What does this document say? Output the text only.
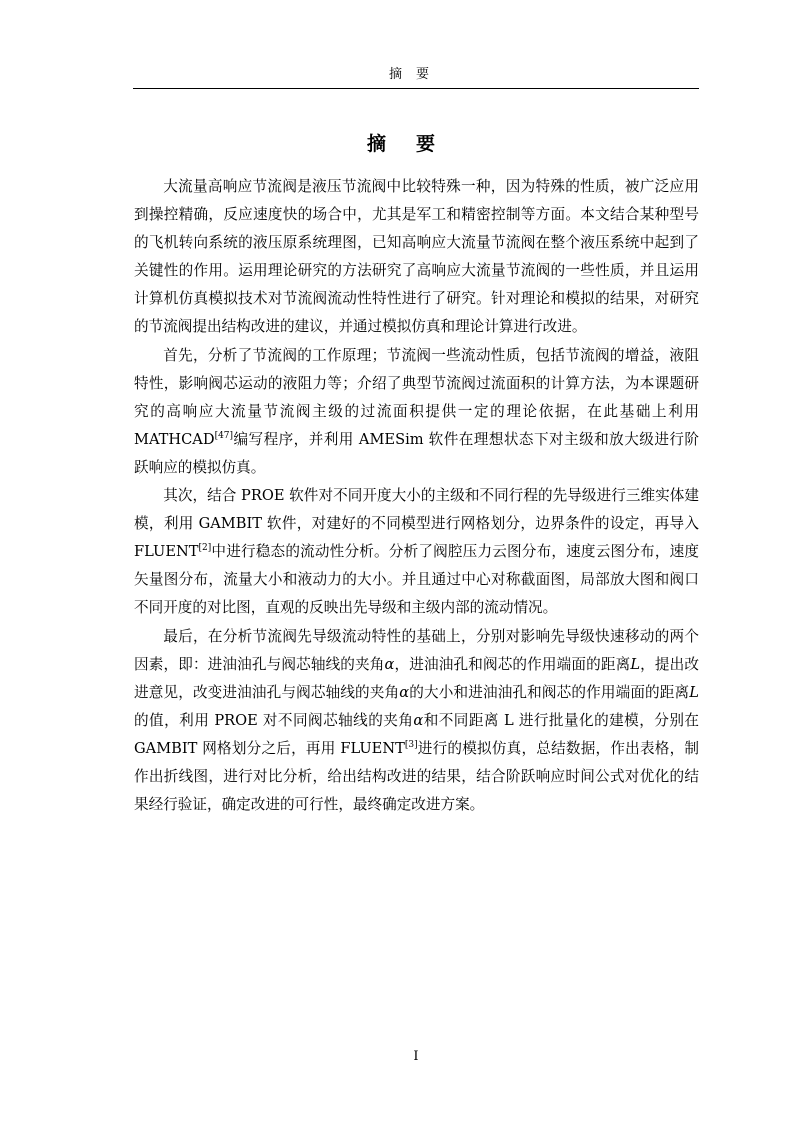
摘要
摘要

大流量高响应节流阀是液压节流阀中比较特殊一种，因为特殊的性质，被广泛应用到操控精确，反应速度快的场合中，尤其是军工和精密控制等方面。本文结合某种型号的飞机转向系统的液压原系统理图，已知高响应大流量节流阀在整个液压系统中起到了关键性的作用。运用理论研究的方法研究了高响应大流量节流阀的一些性质，并且运用计算机仿真模拟技术对节流阀流动性特性进行了研究。针对理论和模拟的结果，对研究的节流阀提出结构改进的建议，并通过模拟仿真和理论计算进行改进。

首先，分析了节流阀的工作原理；节流阀一些流动性质，包括节流阀的增益，液阻特性，影响阀芯运动的液阻力等；介绍了典型节流阀过流面积的计算方法，为本课题研究的高响应大流量节流阀主级的过流面积提供一定的理论依据，在此基础上利用 MATHCAD[47]编写程序，并利用 AMESim 软件在理想状态下对主级和放大级进行阶跃响应的模拟仿真。

其次，结合 PROE 软件对不同开度大小的主级和不同行程的先导级进行三维实体建模，利用 GAMBIT 软件，对建好的不同模型进行网格划分，边界条件的设定，再导入 FLUENT[2]中进行稳态的流动性分析。分析了阀腔压力云图分布，速度云图分布，速度矢量图分布，流量大小和液动力的大小。并且通过中心对称截面图，局部放大图和阀口不同开度的对比图，直观的反映出先导级和主级内部的流动情况。

最后，在分析节流阀先导级流动特性的基础上，分别对影响先导级快速移动的两个因素，即：进油油孔与阀芯轴线的夹角α，进油油孔和阀芯的作用端面的距离L，提出改进意见，改变进油油孔与阀芯轴线的夹角α的大小和进油油孔和阀芯的作用端面的距离L的值，利用 PROE 对不同阀芯轴线的夹角α和不同距离 L 进行批量化的建模，分别在 GAMBIT 网格划分之后，再用 FLUENT[3]进行的模拟仿真，总结数据，作出表格，制作出折线图，进行对比分析，给出结构改进的结果，结合阶跃响应时间公式对优化的结果经行验证，确定改进的可行性，最终确定改进方案。

I
